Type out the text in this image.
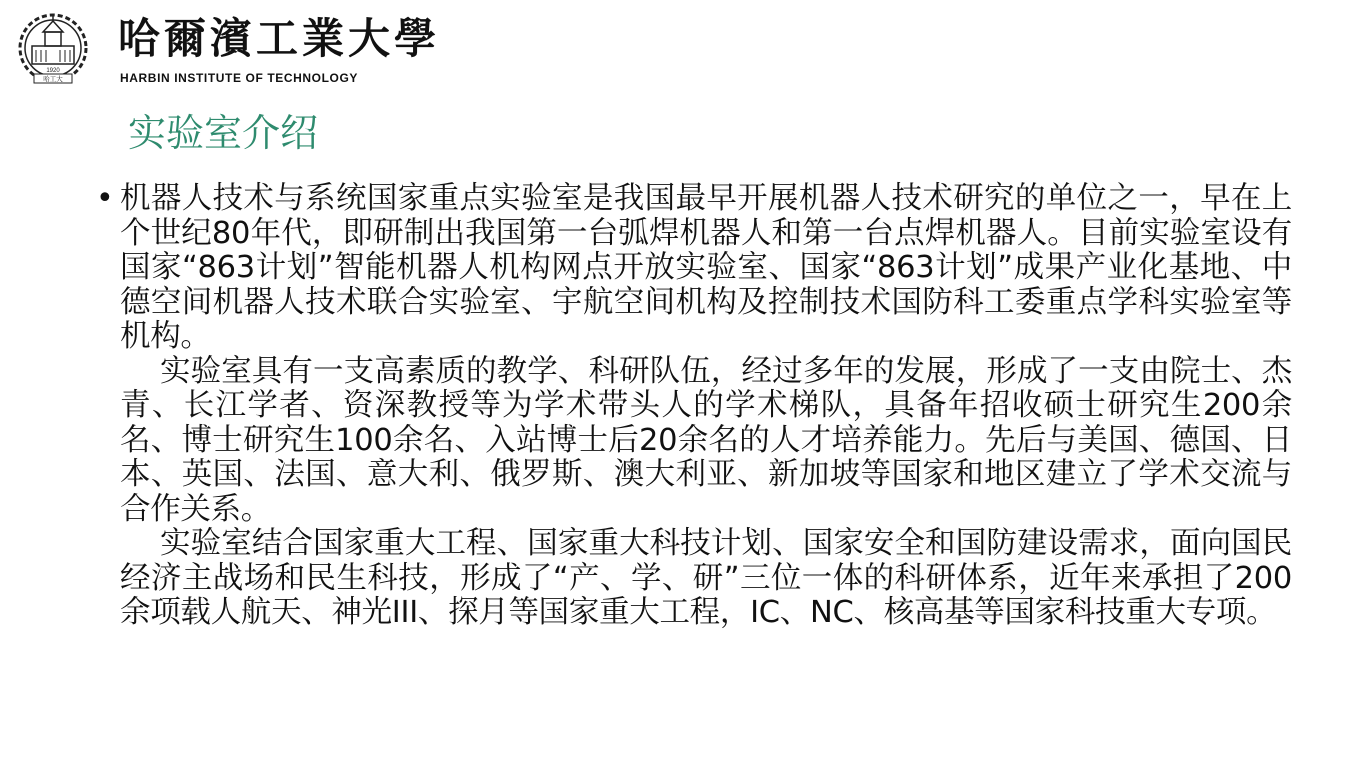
1920
哈工大
哈爾濱工業大學
HARBIN INSTITUTE OF TECHNOLOGY
实验室介绍
• 机器人技术与系统国家重点实验室是我国最早开展机器人技术研究的单位之一，早在上个世纪80年代，即研制出我国第一台弧焊机器人和第一台点焊机器人。目前实验室设有国家“863计划”智能机器人机构网点开放实验室、国家“863计划”成果产业化基地、中德空间机器人技术联合实验室、宇航空间机构及控制技术国防科工委重点学科实验室等机构。

实验室具有一支高素质的教学、科研队伍，经过多年的发展，形成了一支由院士、杰青、长江学者、资深教授等为学术带头人的学术梯队，具备年招收硕士研究生200余名、博士研究生100余名、入站博士后20余名的人才培养能力。先后与美国、德国、日本、英国、法国、意大利、俄罗斯、澳大利亚、新加坡等国家和地区建立了学术交流与合作关系。

实验室结合国家重大工程、国家重大科技计划、国家安全和国防建设需求，面向国民经济主战场和民生科技，形成了“产、学、研”三位一体的科研体系，近年来承担了200余项载人航天、神光III、探月等国家重大工程，IC、NC、核高基等国家科技重大专项。
